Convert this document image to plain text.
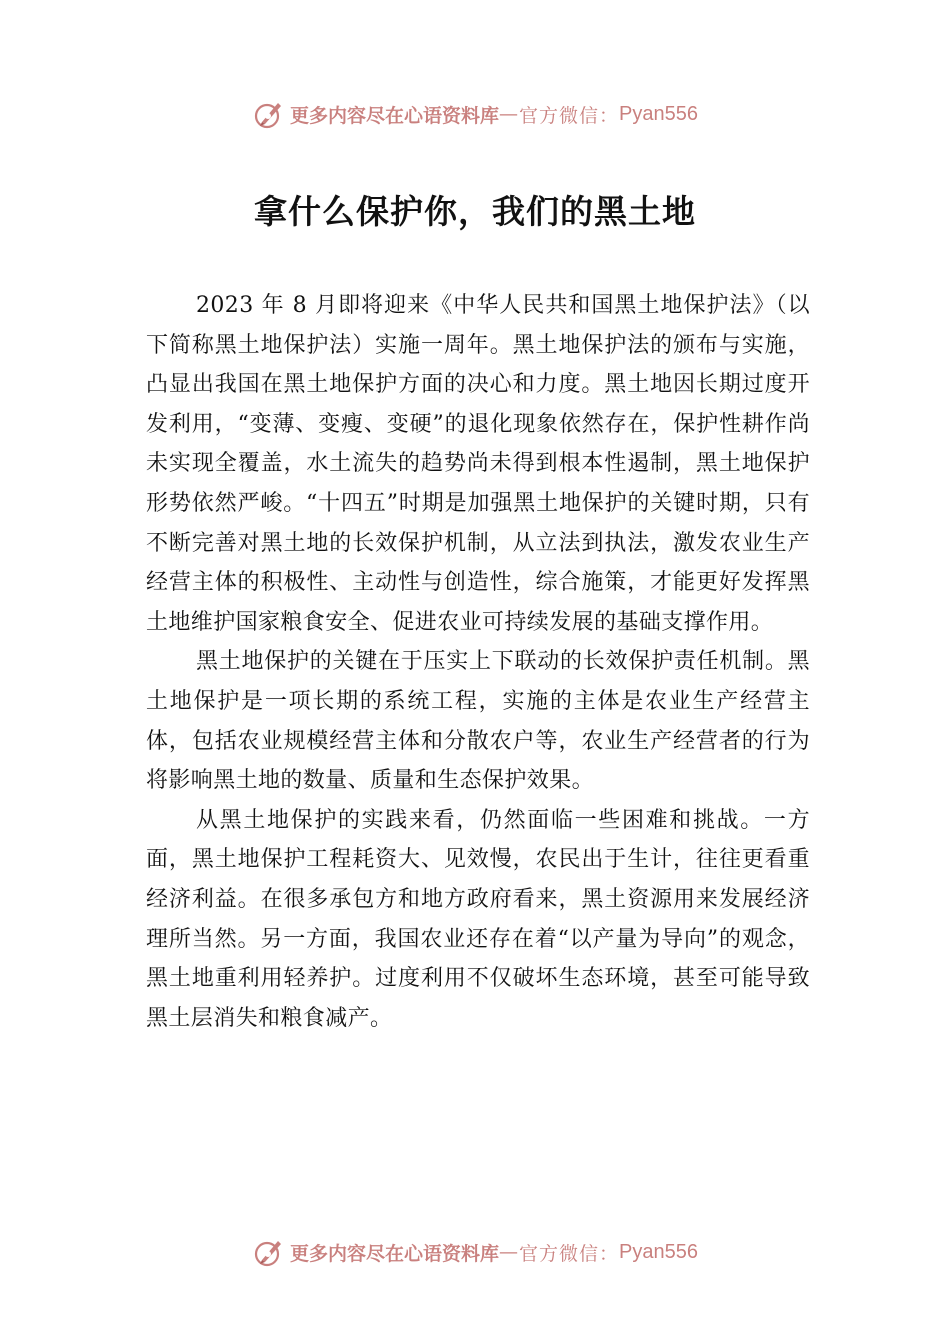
更多内容尽在心语资料库 — 官方微信： Pyan556
拿什么保护你，我们的黑土地

2023 年 8 月即将迎来《中华人民共和国黑土地保护法》（以下简称黑土地保护法）实施一周年。黑土地保护法的颁布与实施，凸显出我国在黑土地保护方面的决心和力度。黑土地因长期过度开发利用，“变薄、变瘦、变硬”的退化现象依然存在，保护性耕作尚未实现全覆盖，水土流失的趋势尚未得到根本性遏制，黑土地保护形势依然严峻。“十四五”时期是加强黑土地保护的关键时期，只有不断完善对黑土地的长效保护机制，从立法到执法，激发农业生产经营主体的积极性、主动性与创造性，综合施策，才能更好发挥黑土地维护国家粮食安全、促进农业可持续发展的基础支撑作用。

黑土地保护的关键在于压实上下联动的长效保护责任机制。黑土地保护是一项长期的系统工程，实施的主体是农业生产经营主体，包括农业规模经营主体和分散农户等，农业生产经营者的行为将影响黑土地的数量、质量和生态保护效果。

从黑土地保护的实践来看，仍然面临一些困难和挑战。一方面，黑土地保护工程耗资大、见效慢，农民出于生计，往往更看重经济利益。在很多承包方和地方政府看来，黑土资源用来发展经济理所当然。另一方面，我国农业还存在着“以产量为导向”的观念，黑土地重利用轻养护。过度利用不仅破坏生态环境，甚至可能导致黑土层消失和粮食减产。

更多内容尽在心语资料库 — 官方微信： Pyan556
